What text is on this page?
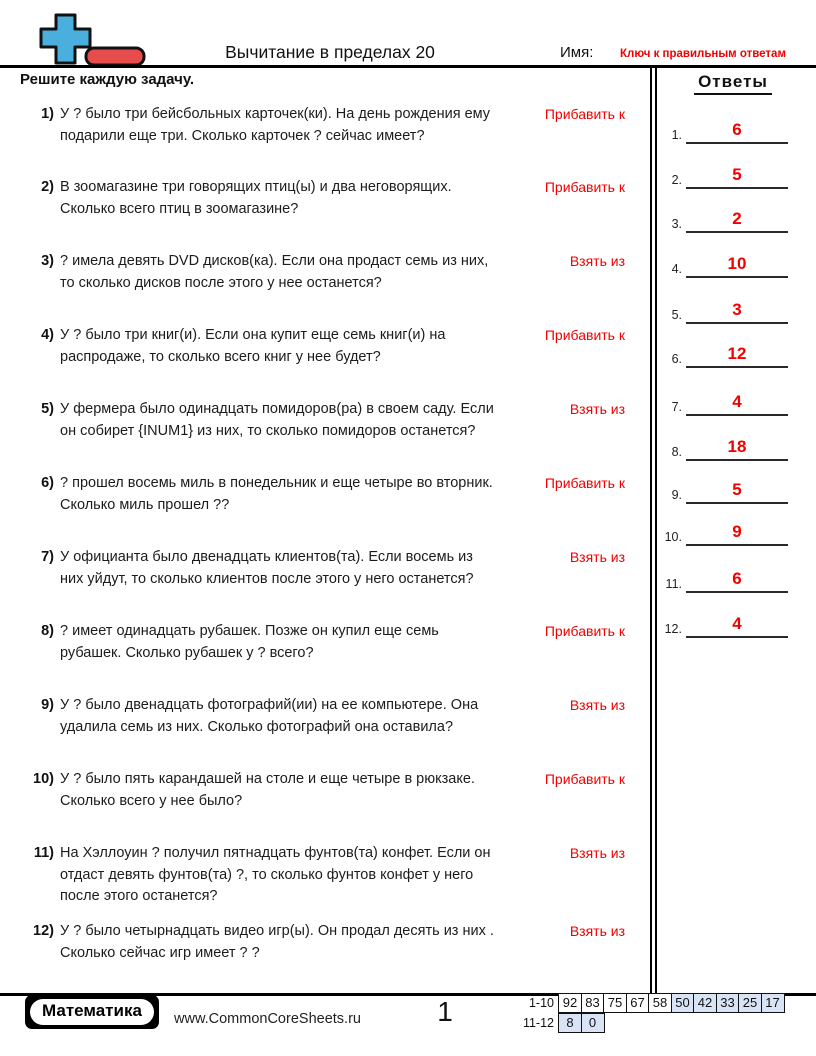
Вычитание в пределах 20	Имя: Ключ к правильным ответам
Решите каждую задачу.
1) У ? было три бейсбольных карточек(ки). На день рождения ему подарили еще три. Сколько карточек ? сейчас имеет?
Прибавить к
2) В зоомагазине три говорящих птиц(ы) и два неговорящих. Сколько всего птиц в зоомагазине?
Прибавить к
3) ? имела девять DVD дисков(ка). Если она продаст семь из них, то сколько дисков после этого у нее останется?
Взять из
4) У ? было три книг(и). Если она купит еще семь книг(и) на распродаже, то сколько всего книг у нее будет?
Прибавить к
5) У фермера было одинадцать помидоров(ра) в своем саду. Если он собирет {INUM1} из них, то сколько помидоров останется?
Взять из
6) ? прошел восемь миль в понедельник и еще четыре во вторник. Сколько миль прошел ??
Прибавить к
7) У официанта было двенадцать клиентов(та). Если восемь из них уйдут, то сколько клиентов после этого у него останется?
Взять из
8) ? имеет одинадцать рубашек. Позже он купил еще семь рубашек. Сколько рубашек у ? всего?
Прибавить к
9) У ? было двенадцать фотографий(ии) на ее компьютере. Она удалила семь из них. Сколько фотографий она оставила?
Взять из
10) У ? было пять карандашей на столе и еще четыре в рюкзаке. Сколько всего у нее было?
Прибавить к
11) На Хэллоуин ? получил пятнадцать фунтов(та) конфет. Если он отдаст девять фунтов(та) ?, то сколько фунтов конфет у него после этого останется?
Взять из
12) У ? было четырнадцать видео игр(ы). Он продал десять из них . Сколько сейчас игр имеет ? ?
Взять из
Ответы
1.	6
2.	5
3.	2
4.	10
5.	3
6.	12
7.	4
8.	18
9.	5
10.	9
11.	6
12.	4
Математика	www.CommonCoreSheets.ru	1	1-10 92 83 75 67 58 50 42 33 25 17
11-12 8	0
